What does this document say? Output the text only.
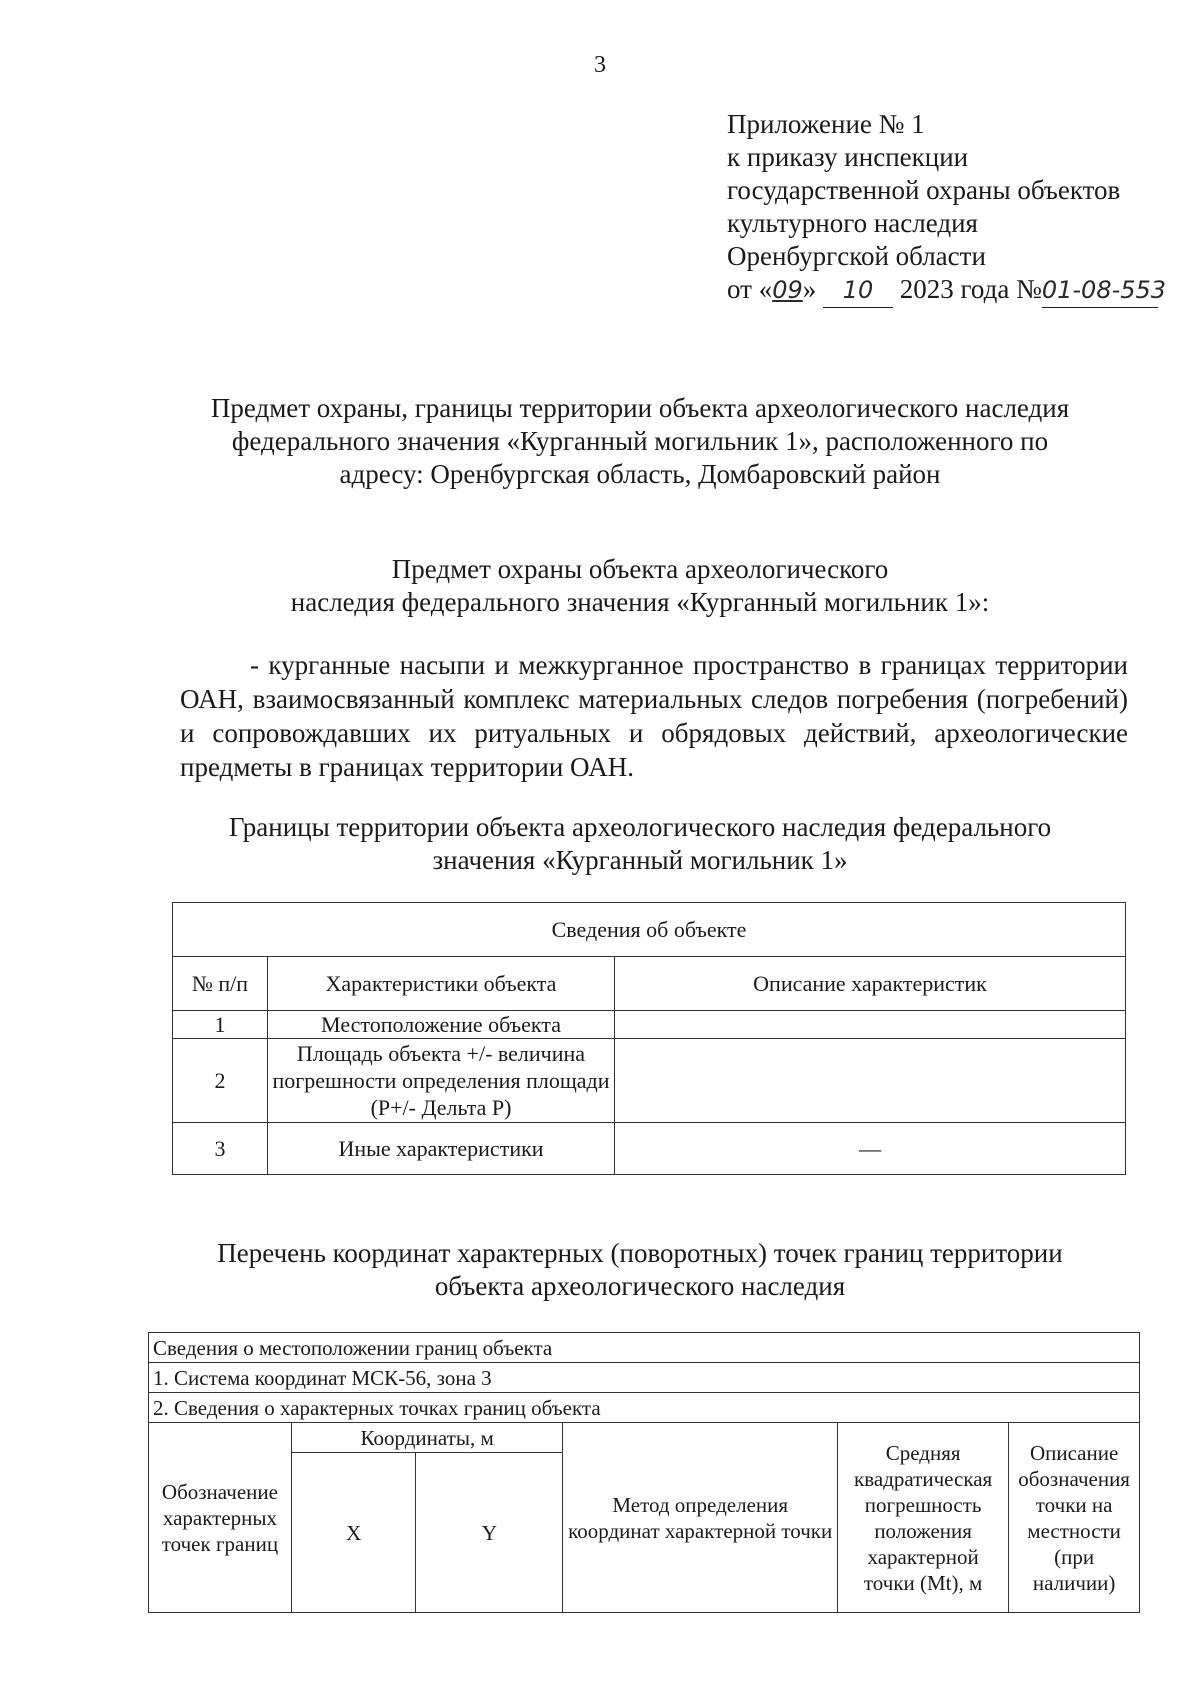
3
Приложение № 1
к приказу инспекции
государственной охраны объектов
культурного наследия
Оренбургской области
от «09» 10 2023 года №01-08-553
Предмет охраны, границы территории объекта археологического наследия
федерального значения «Курганный могильник 1», расположенного по
адресу: Оренбургская область, Домбаровский район
Предмет охраны объекта археологического
наследия федерального значения «Курганный могильник 1»:
- курганные насыпи и межкурганное пространство в границах территории ОАН, взаимосвязанный комплекс материальных следов погребения (погребений) и сопровождавших их ритуальных и обрядовых действий, археологические предметы в границах территории ОАН.
Границы территории объекта археологического наследия федерального
значения «Курганный могильник 1»
Сведения об объекте		
№ п/п	Характеристики объекта	Описание характеристик
1	Местоположение объекта	
2	Площадь объекта +/- величина погрешности определения площади (P+/- Дельта P)	
3	Иные характеристики	—
Перечень координат характерных (поворотных) точек границ территории
объекта археологического наследия
Сведения о местоположении границ объекта					
1. Система координат МСК-56, зона 3					
2. Сведения о характерных точках границ объекта					
Обозначение характерных точек границ	Координаты, м		Метод определения координат характерной точки	Средняя квадратическая погрешность положения характерной точки (Mt), м	Описание обозначения точки на местности (при наличии)
	X	Y			
